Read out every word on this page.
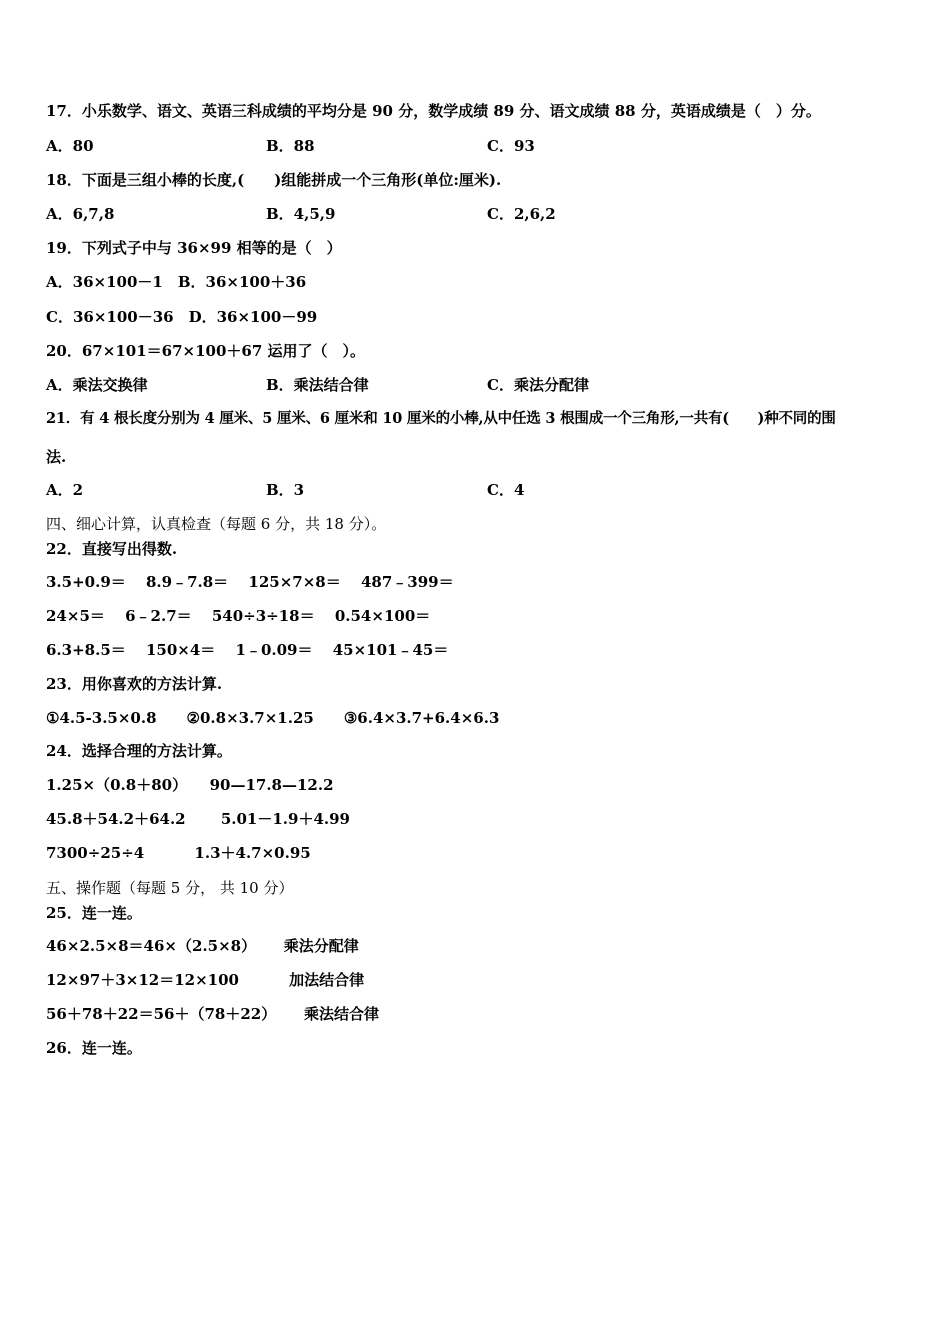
17．小乐数学、语文、英语三科成绩的平均分是 90 分，数学成绩 89 分、语文成绩 88 分，英语成绩是（　）分。
A．80	B．88	C．93
18．下面是三组小棒的长度,(　　)组能拼成一个三角形(单位:厘米).
A．6,7,8	B．4,5,9	C．2,6,2
19．下列式子中与 36×99 相等的是（　）
A．36×100－1　B．36×100＋36
C．36×100－36　D．36×100－99
20．67×101＝67×100＋67 运用了（　）。
A．乘法交换律	B．乘法结合律	C．乘法分配律
21．有 4 根长度分别为 4 厘米、5 厘米、6 厘米和 10 厘米的小棒,从中任选 3 根围成一个三角形,一共有(　　)种不同的围
法.
A．2	B．3	C．4
四、细心计算，认真检查（每题 6 分，共 18 分）。
22．直接写出得数.
3.5+0.9＝　 8.9﹣7.8＝　 125×7×8＝　 487﹣399＝
24×5＝　 6﹣2.7＝　 540÷3÷18＝　 0.54×100＝
6.3+8.5＝　 150×4＝　 1﹣0.09＝　 45×101﹣45＝
23．用你喜欢的方法计算.
①4.5-3.5×0.8　　②0.8×3.7×1.25　　③6.4×3.7+6.4×6.3
24．选择合理的方法计算。
1.25×（0.8＋80）　　90—17.8—12.2
45.8＋54.2＋64.2　　 5.01－1.9＋4.99
7300÷25÷4　　　 1.3＋4.7×0.95
五、操作题（每题 5 分， 共 10 分）
25．连一连。
46×2.5×8＝46×（2.5×8）　　 乘法分配律
12×97＋3×12＝12×100　　　 加法结合律
56＋78＋22＝56＋（78＋22）　　 乘法结合律
26．连一连。
